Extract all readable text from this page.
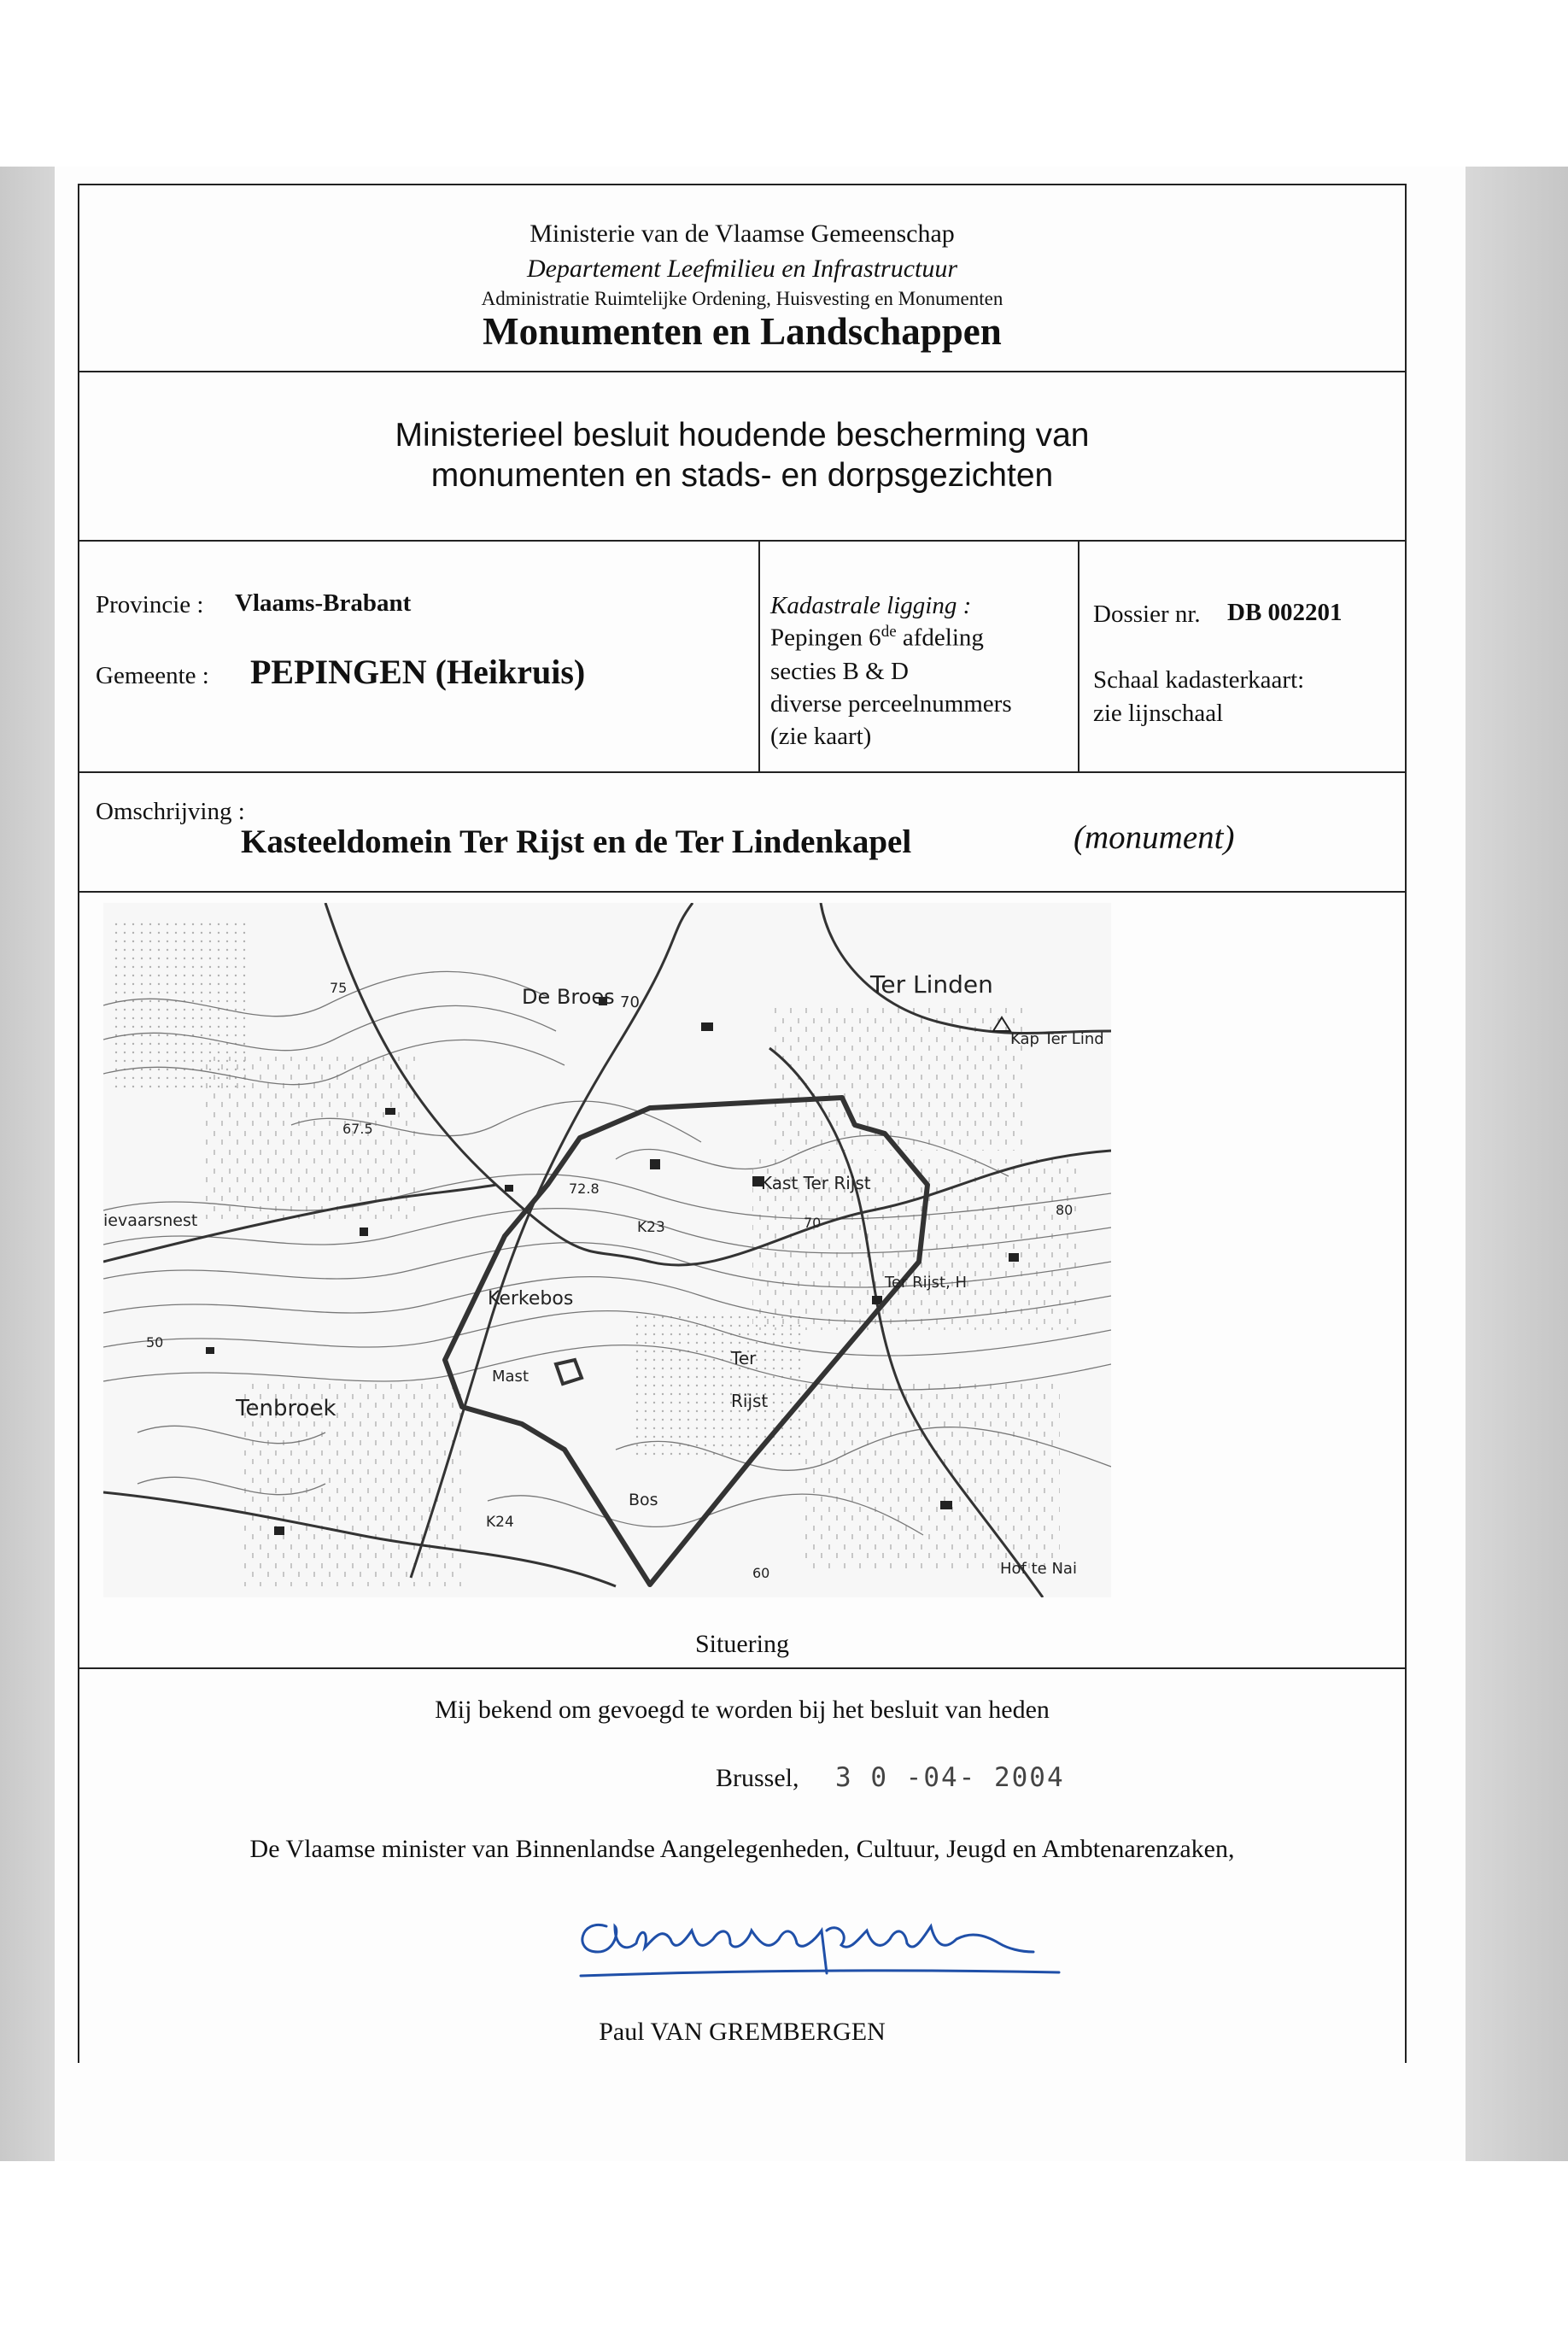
Ministerie van de Vlaamse Gemeenschap
Departement Leefmilieu en Infrastructuur
Administratie Ruimtelijke Ordening, Huisvesting en Monumenten
Monumenten en Landschappen
Ministerieel besluit houdende bescherming van
monumenten en stads- en dorpsgezichten
Provincie : Vlaams-Brabant
Gemeente : PEPINGEN (Heikruis)
Kadastrale ligging :
Pepingen 6de afdeling
secties B & D
diverse perceelnummers
(zie kaart)
Dossier nr. DB 002201
Schaal kadasterkaart:
zie lijnschaal
Omschrijving :
Kasteeldomein Ter Rijst en de Ter Lindenkapel	(monument)
De Broes 70
Ter Linden
Kap Ter Lind
Kast Ter Rijst
Ter Rijst, H
ievaarsnest	K23
Kerkebos
Mast
Tenbroek
Ter
Rijst
Bos
K24
Hof te Nai
70
72.8
80
60
50
67.5
75
Situering
Mij bekend om gevoegd te worden bij het besluit van heden
Brussel, 3 0 -04- 2004
De Vlaamse minister van Binnenlandse Aangelegenheden, Cultuur, Jeugd en Ambtenarenzaken,
Paul VAN GREMBERGEN
